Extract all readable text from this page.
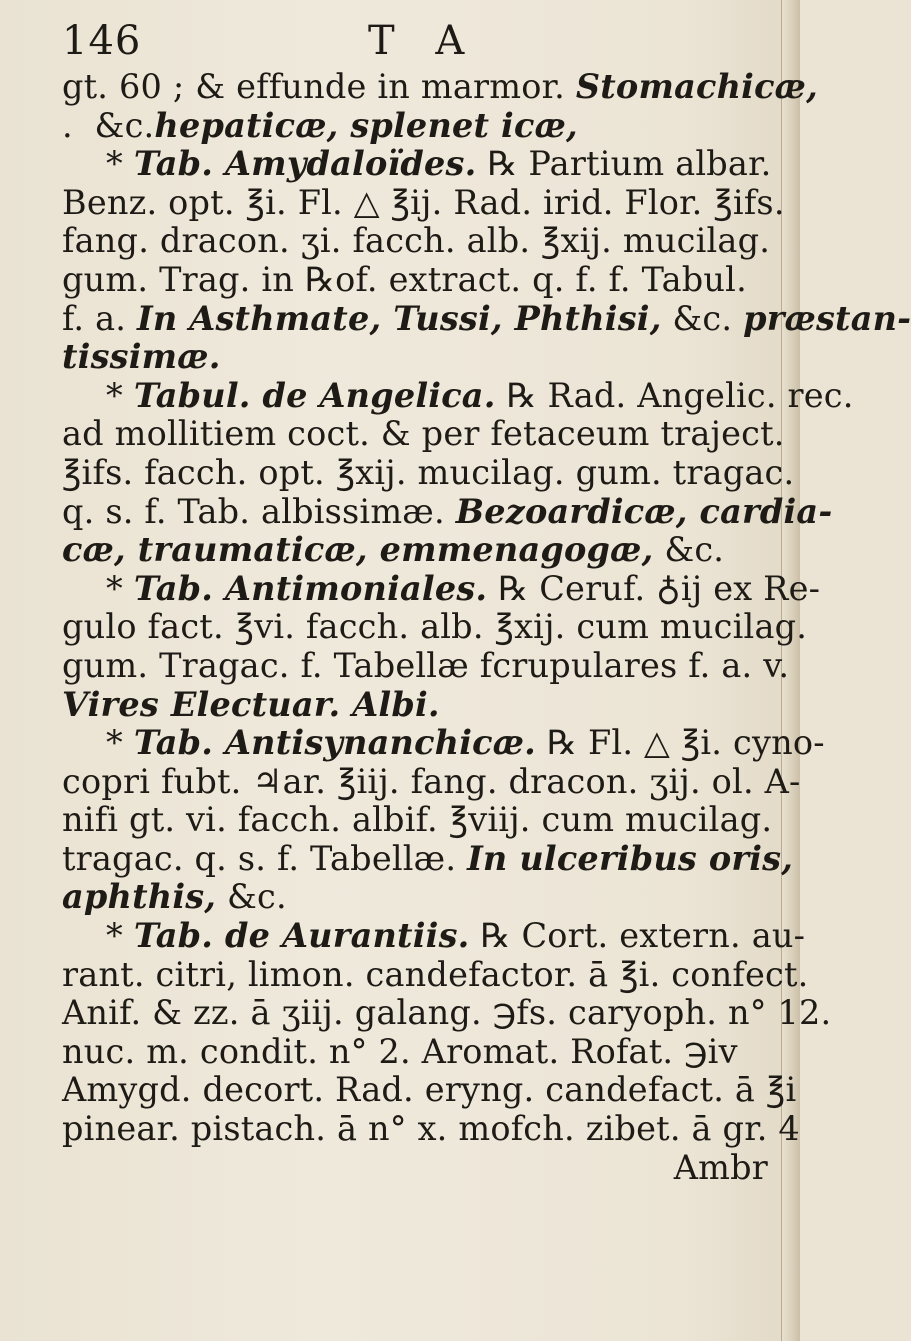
146	T A
gt. 60 ; & effunde in marmor. Stomachicæ,
.  &c.hepaticæ, splenet icæ,
* Tab. Amydaloïdes. ℞ Partium albar.
Benz. opt. ℥i. Fl. △ ℥ij. Rad. irid. Flor. ℥ifs.
fang. dracon. ʒi. facch. alb. ℥xij. mucilag.
gum. Trag. in ℞of. extract. q. f. f. Tabul.
f. a. In Asthmate, Tussi, Phthisi, &c. præstan-
tissimæ.
* Tabul. de Angelica. ℞ Rad. Angelic. rec.
ad mollitiem coct. & per fetaceum traject.
℥ifs. facch. opt. ℥xij. mucilag. gum. tragac.
q. s. f. Tab. albissimæ. Bezoardicæ, cardia-
cæ, traumaticæ, emmenagogæ, &c.
* Tab. Antimoniales. ℞ Ceruf. ♁ij ex Re-
gulo fact. ℥vi. facch. alb. ℥xij. cum mucilag.
gum. Tragac. f. Tabellæ fcrupulares f. a. v.
Vires Electuar. Albi.
* Tab. Antisynanchicæ. ℞ Fl. △ ℥i. cyno-
copri fubt. ♃ar. ℥iij. fang. dracon. ʒij. ol. A-
nifi gt. vi. facch. albif. ℥viij. cum mucilag.
tragac. q. s. f. Tabellæ. In ulceribus oris,
aphthis, &c.
* Tab. de Aurantiis. ℞ Cort. extern. au-
rant. citri, limon. candefactor. ā ℥i. confect.
Anif. & zz. ā ʒiij. galang. ℈fs. caryoph. n° 12.
nuc. m. condit. n° 2. Aromat. Rofat. ℈iv
Amygd. decort. Rad. eryng. candefact. ā ℥i
pinear. pistach. ā n° x. mofch. zibet. ā gr. 4
Ambr
